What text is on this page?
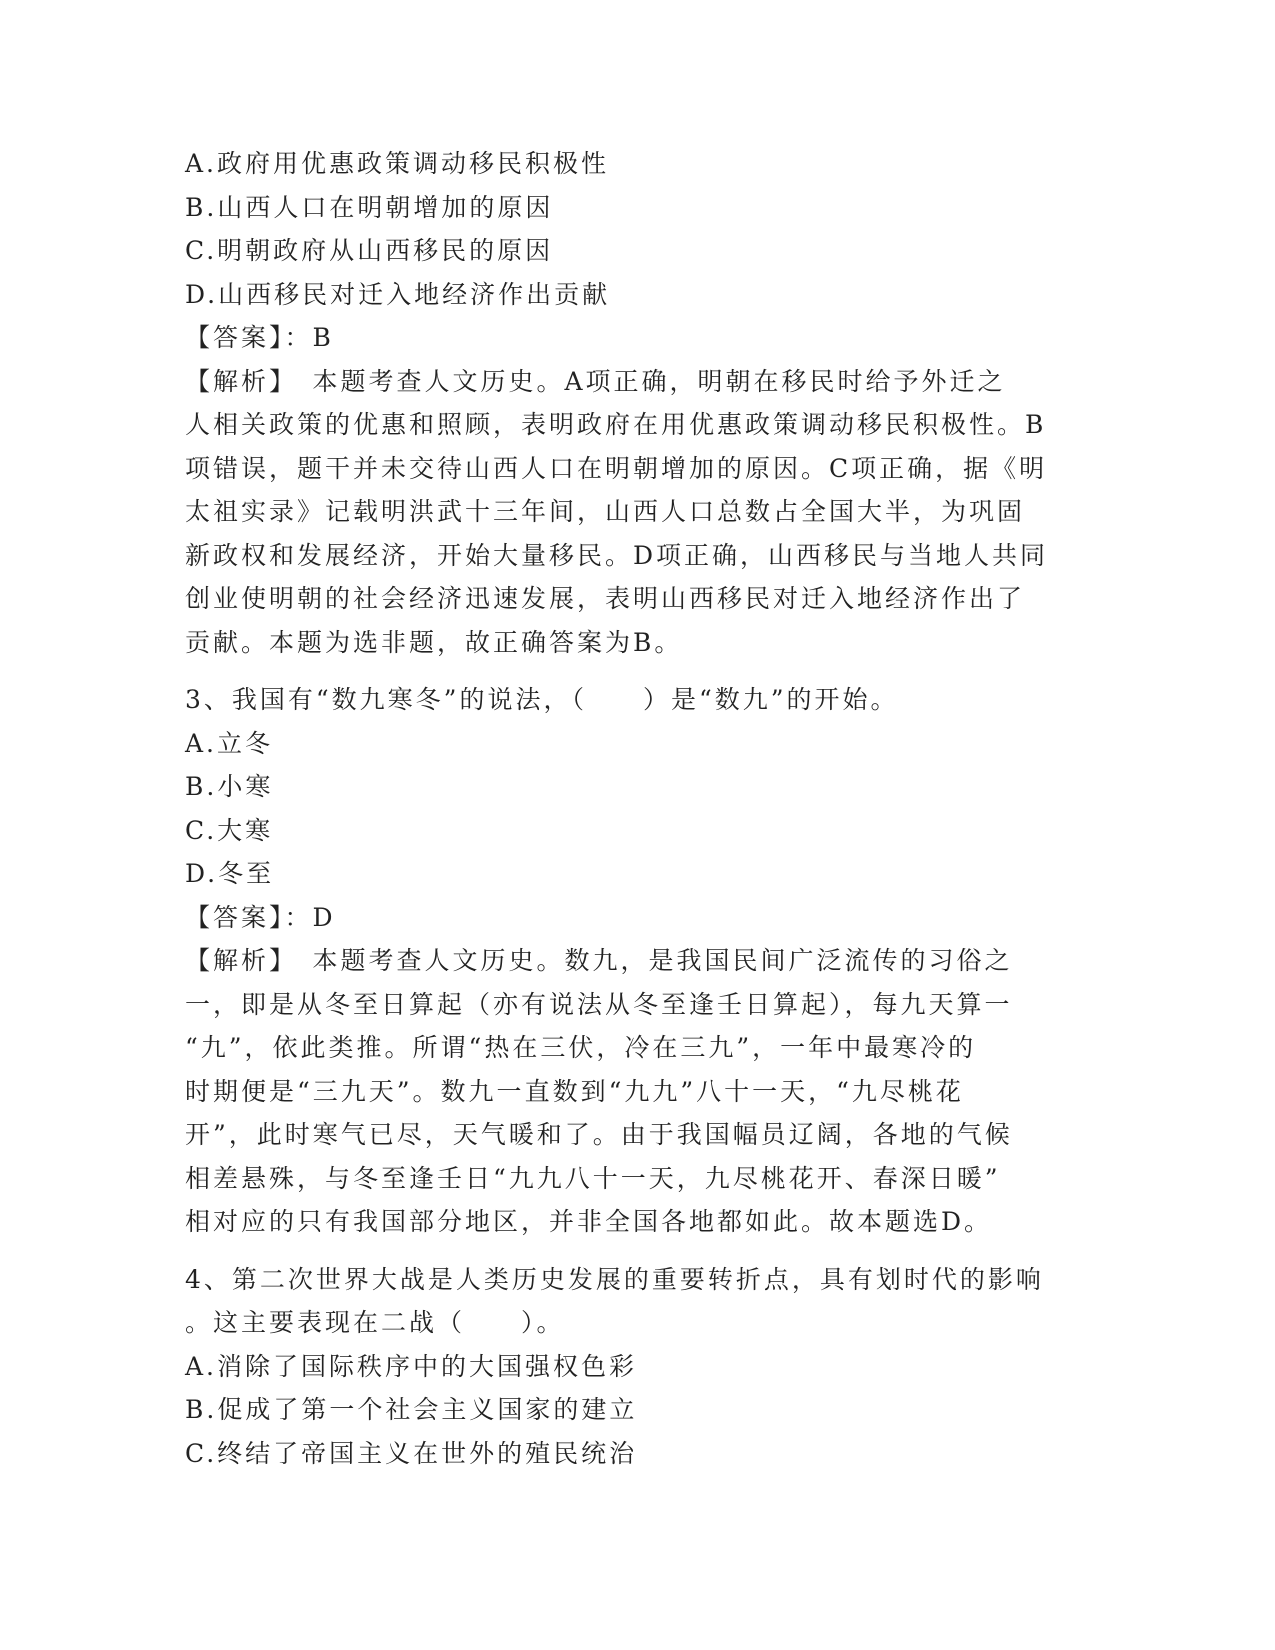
A.政府用优惠政策调动移民积极性
B.山西人口在明朝增加的原因
C.明朝政府从山西移民的原因
D.山西移民对迁入地经济作出贡献
【答案】：B
【解析】　本题考查人文历史。A项正确，明朝在移民时给予外迁之
人相关政策的优惠和照顾，表明政府在用优惠政策调动移民积极性。B
项错误，题干并未交待山西人口在明朝增加的原因。C项正确，据《明
太祖实录》记载明洪武十三年间，山西人口总数占全国大半，为巩固
新政权和发展经济，开始大量移民。D项正确，山西移民与当地人共同
创业使明朝的社会经济迅速发展，表明山西移民对迁入地经济作出了
贡献。本题为选非题，故正确答案为B。
3、我国有“数九寒冬”的说法，（　　）是“数九”的开始。
A.立冬
B.小寒
C.大寒
D.冬至
【答案】：D
【解析】　本题考查人文历史。数九，是我国民间广泛流传的习俗之
一，即是从冬至日算起（亦有说法从冬至逢壬日算起），每九天算一
“九”，依此类推。所谓“热在三伏，冷在三九”，一年中最寒冷的
时期便是“三九天”。数九一直数到“九九”八十一天，“九尽桃花
开”，此时寒气已尽，天气暖和了。由于我国幅员辽阔，各地的气候
相差悬殊，与冬至逢壬日“九九八十一天，九尽桃花开、春深日暖”
相对应的只有我国部分地区，并非全国各地都如此。故本题选D。
4、第二次世界大战是人类历史发展的重要转折点，具有划时代的影响
。这主要表现在二战（　　）。
A.消除了国际秩序中的大国强权色彩
B.促成了第一个社会主义国家的建立
C.终结了帝国主义在世外的殖民统治
